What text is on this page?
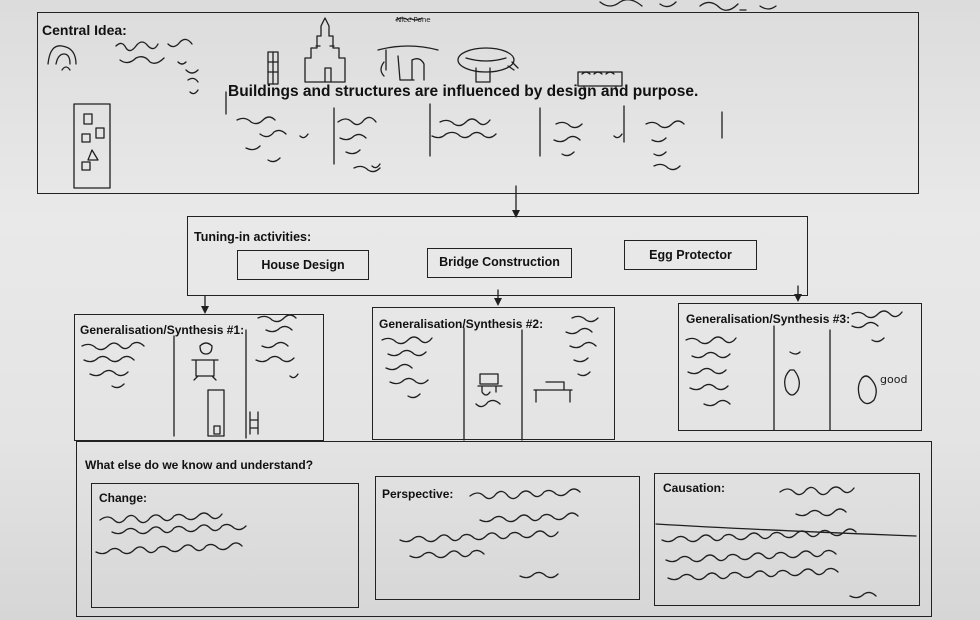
Central Idea:
Buildings and structures are influenced by design and purpose.
Nice Pone
Tuning-in activities:
House Design	Bridge Construction	Egg Protector
Generalisation/Synthesis #1:	Generalisation/Synthesis #2:	Generalisation/Synthesis #3:
good
What else do we know and understand?
Change:	Perspective:	Causation:
